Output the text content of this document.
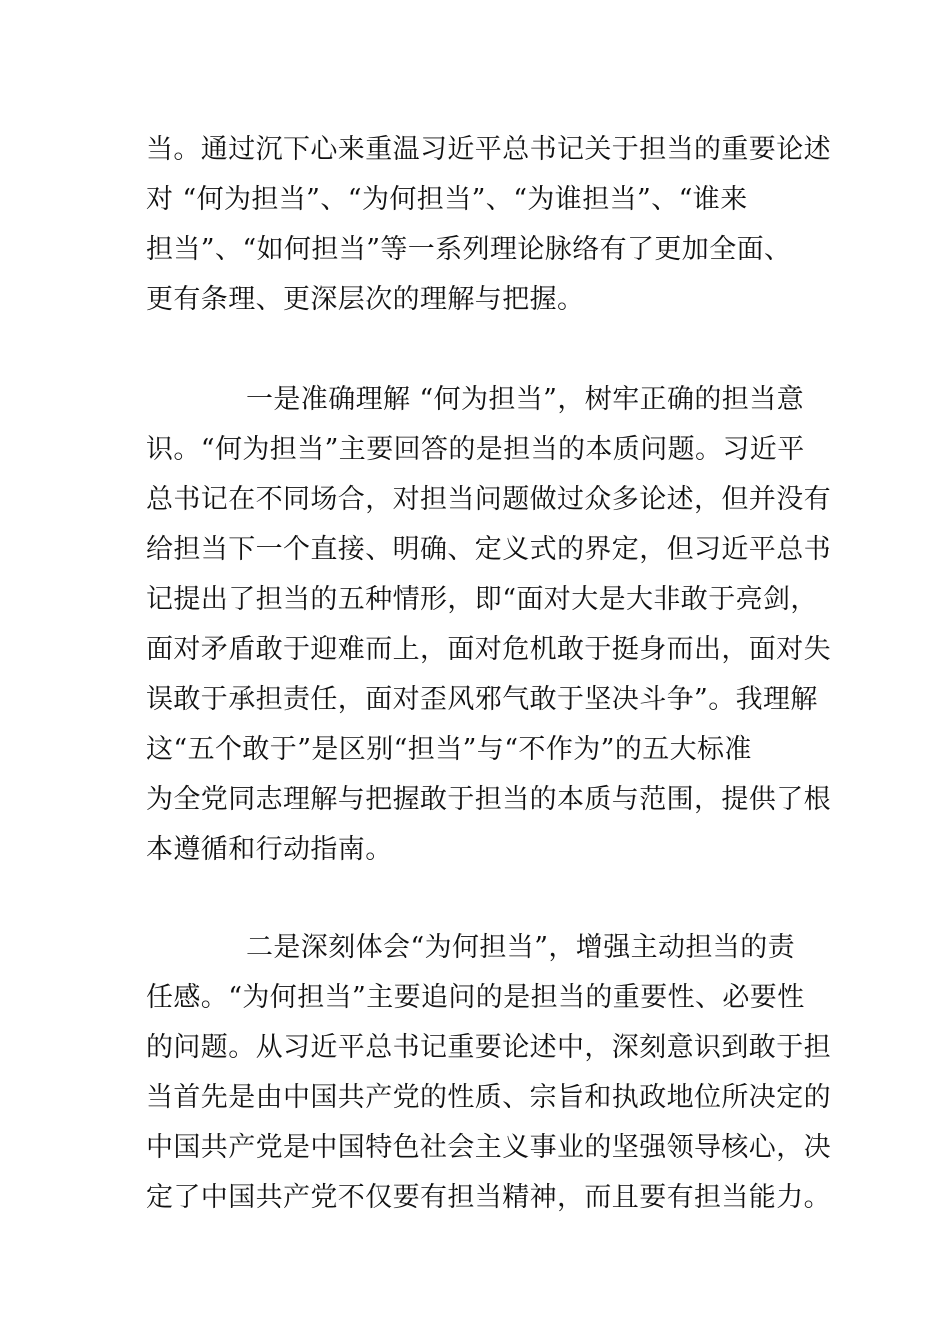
当。通过沉下心来重温习近平总书记关于担当的重要论述
对 “何为担当”、“为何担当”、“为谁担当”、“谁来
担当”、“如何担当”等一系列理论脉络有了更加全面、
更有条理、更深层次的理解与把握。
一是准确理解 “何为担当”，树牢正确的担当意
识。“何为担当”主要回答的是担当的本质问题。习近平
总书记在不同场合，对担当问题做过众多论述，但并没有
给担当下一个直接、明确、定义式的界定，但习近平总书
记提出了担当的五种情形，即“面对大是大非敢于亮剑，
面对矛盾敢于迎难而上，面对危机敢于挺身而出，面对失
误敢于承担责任，面对歪风邪气敢于坚决斗争”。我理解
这“五个敢于”是区别“担当”与“不作为”的五大标准
为全党同志理解与把握敢于担当的本质与范围，提供了根
本遵循和行动指南。
二是深刻体会“为何担当”，增强主动担当的责
任感。“为何担当”主要追问的是担当的重要性、必要性
的问题。从习近平总书记重要论述中，深刻意识到敢于担
当首先是由中国共产党的性质、宗旨和执政地位所决定的
中国共产党是中国特色社会主义事业的坚强领导核心，决
定了中国共产党不仅要有担当精神，而且要有担当能力。
